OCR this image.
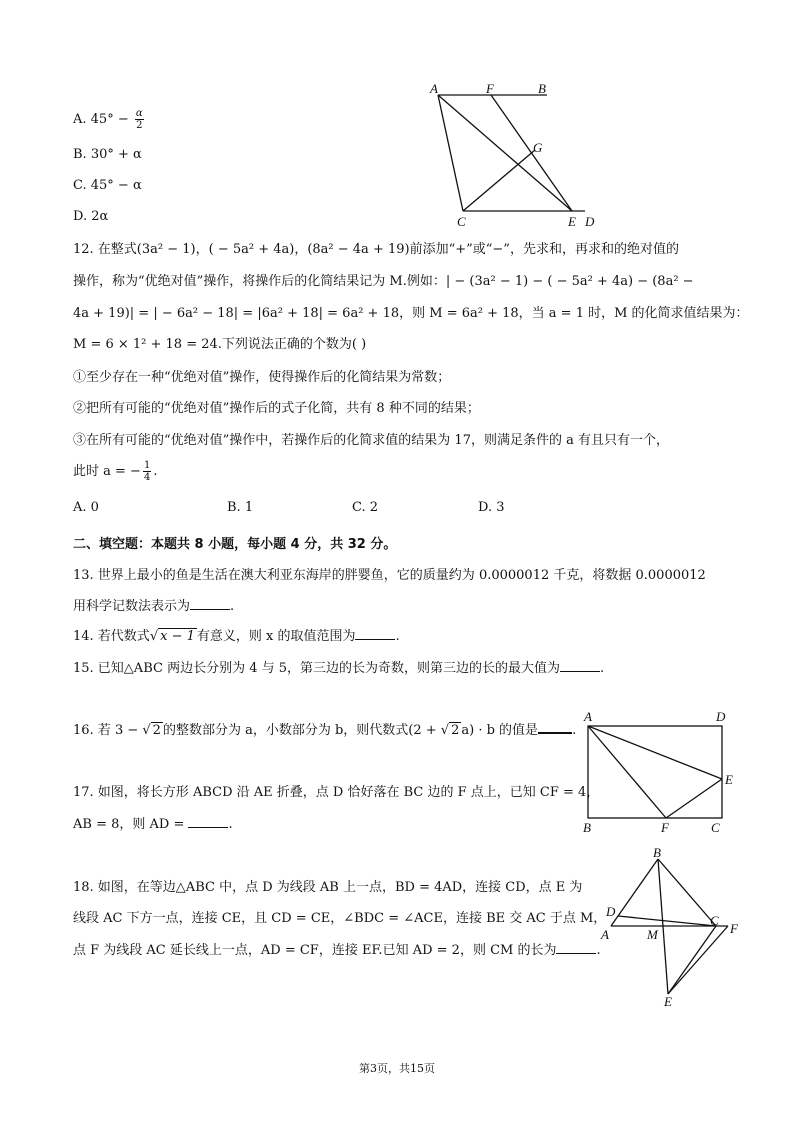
A. $45^\circ - \frac{\alpha}{2}$
B. 30° + α
C. 45° − α
D. 2α
A	F	B
G
C	E D
12. 在整式(3a² − 1)，( − 5a² + 4a)，(8a² − 4a + 19)前添加“+”或“−”，先求和，再求和的绝对值的
操作，称为“优绝对值”操作，将操作后的化简结果记为 M.例如：| − (3a² − 1) − ( − 5a² + 4a) − (8a² −
4a + 19)| = | − 6a² − 18| = |6a² + 18| = 6a² + 18，则 M = 6a² + 18，当 a = 1 时，M 的化简求值结果为：
M = 6 × 1² + 18 = 24.下列说法正确的个数为( )
①至少存在一种“优绝对值”操作，使得操作后的化简结果为常数；
②把所有可能的“优绝对值”操作后的式子化简，共有 8 种不同的结果；
③在所有可能的“优绝对值”操作中，若操作后的化简求值的结果为 17，则满足条件的 a 有且只有一个，
此时 a = − $\frac{1}{4}$ .
A. 0	B. 1	C. 2	D. 3
二、填空题：本题共 8 小题，每小题 4 分，共 32 分。
13. 世界上最小的鱼是生活在澳大利亚东海岸的胖婴鱼，它的质量约为 0.0000012 千克，将数据 0.0000012
用科学记数法表示为	.
14. 若代数式√ x − 1 有意义，则 x 的取值范围为	.
15. 已知△ABC 两边长分别为 4 与 5，第三边的长为奇数，则第三边的长的最大值为	.
16. 若 3 − √ 2 的整数部分为 a，小数部分为 b，则代数式(2 + √ 2 a) · b 的值是	.
A	D
E
B	F	C
17. 如图，将长方形 ABCD 沿 AE 折叠，点 D 恰好落在 BC 边的 F 点上，已知 CF = 4，
AB = 8，则 AD =	.
18. 如图，在等边△ABC 中，点 D 为线段 AB 上一点，BD = 4AD，连接 CD，点 E 为
线段 AC 下方一点，连接 CE，且 CD = CE，∠BDC = ∠ACE，连接 BE 交 AC 于点 M，
点 F 为线段 AC 延长线上一点，AD = CF，连接 EF.已知 AD = 2，则 CM 的长为	.
B
D
A	M
C
F
E
第3页，共15页
